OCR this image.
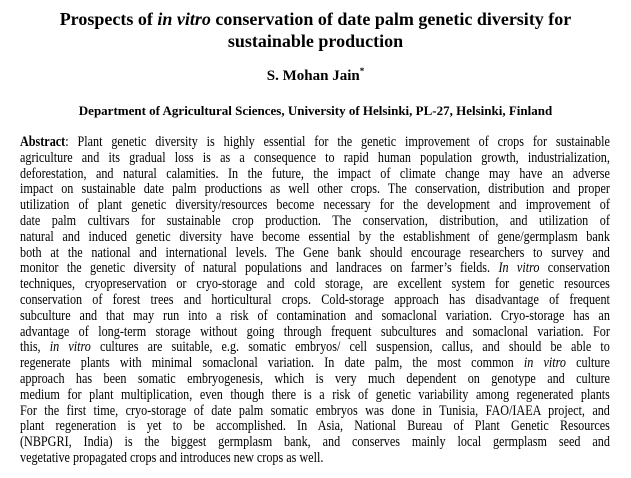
Prospects of in vitro conservation of date palm genetic diversity for
sustainable production
S. Mohan Jain*
Department of Agricultural Sciences, University of Helsinki, PL-27, Helsinki, Finland
Abstract: Plant genetic diversity is highly essential for the genetic improvement of crops for sustainable
agriculture and its gradual loss is as a consequence to rapid human population growth, industrialization,
deforestation, and natural calamities. In the future, the impact of climate change may have an adverse
impact on sustainable date palm productions as well other crops. The conservation, distribution and proper
utilization of plant genetic diversity/resources become necessary for the development and improvement of
date palm cultivars for sustainable crop production. The conservation, distribution, and utilization of
natural and induced genetic diversity have become essential by the establishment of gene/germplasm bank
both at the national and international levels. The Gene bank should encourage researchers to survey and
monitor the genetic diversity of natural populations and landraces on farmer’s fields. In vitro conservation
techniques, cryopreservation or cryo-storage and cold storage, are excellent system for genetic resources
conservation of forest trees and horticultural crops. Cold-storage approach has disadvantage of frequent
subculture and that may run into a risk of contamination and somaclonal variation. Cryo-storage has an
advantage of long-term storage without going through frequent subcultures and somaclonal variation. For
this, in vitro cultures are suitable, e.g. somatic embryos/ cell suspension, callus, and should be able to
regenerate plants with minimal somaclonal variation. In date palm, the most common in vitro culture
approach has been somatic embryogenesis, which is very much dependent on genotype and culture
medium for plant multiplication, even though there is a risk of genetic variability among regenerated plants
For the first time, cryo-storage of date palm somatic embryos was done in Tunisia, FAO/IAEA project, and
plant regeneration is yet to be accomplished. In Asia, National Bureau of Plant Genetic Resources
(NBPGRI, India) is the biggest germplasm bank, and conserves mainly local germplasm seed and
vegetative propagated crops and introduces new crops as well.
